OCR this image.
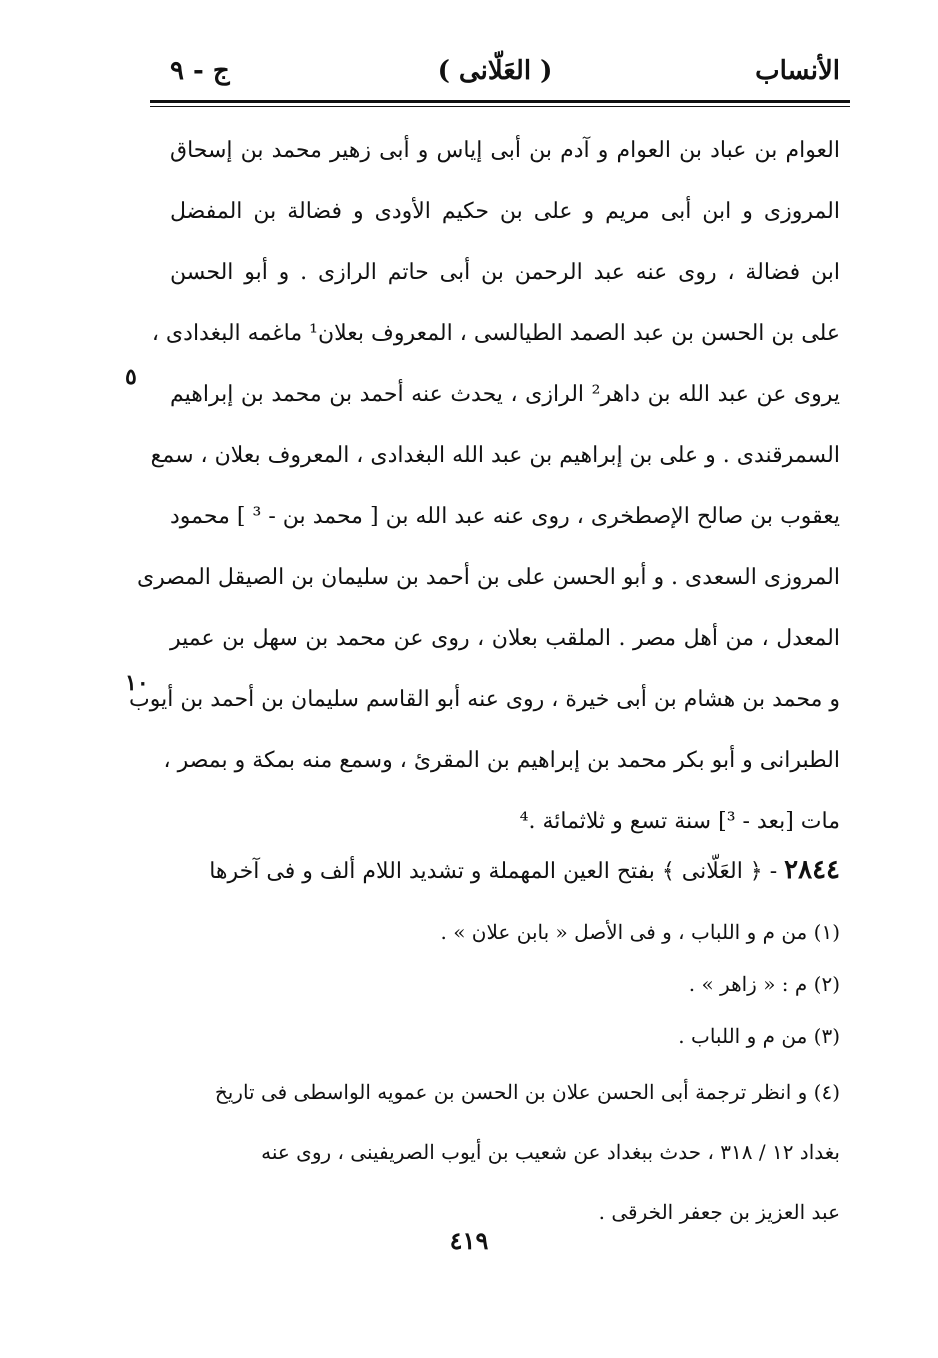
الأنساب
( العَلّانى )
ج - ٩
العوام بن عباد بن العوام و آدم بن أبى إياس و أبى زهير محمد بن إسحاق
المروزى و ابن أبى مريم و على بن حكيم الأودى و فضالة بن المفضل
ابن فضالة ، روى عنه عبد الرحمن بن أبى حاتم الرازى . و أبو الحسن
على بن الحسن بن عبد الصمد الطيالسى ، المعروف بعلان¹ ماغمه البغدادى ،
يروى عن عبد الله بن داهر² الرازى ، يحدث عنه أحمد بن محمد بن إبراهيم
السمرقندى . و على بن إبراهيم بن عبد الله البغدادى ، المعروف بعلان ، سمع
يعقوب بن صالح الإصطخرى ، روى عنه عبد الله بن [ محمد بن - ³ ] محمود
المروزى السعدى . و أبو الحسن على بن أحمد بن سليمان بن الصيقل المصرى
المعدل ، من أهل مصر . الملقب بعلان ، روى عن محمد بن سهل بن عمير
و محمد بن هشام بن أبى خيرة ، روى عنه أبو القاسم سليمان بن أحمد بن أيوب
الطبرانى و أبو بكر محمد بن إبراهيم بن المقرئ ، وسمع منه بمكة و بمصر ،
مات [بعد - ³] سنة تسع و ثلاثمائة .⁴
٥
١٠
٢٨٤٤ - ﴿ العَلّانى ﴾ بفتح العين المهملة و تشديد اللام ألف و فى آخرها
(١) من م و اللباب ، و فى الأصل « بابن علان » .
(٢) م : « زاهر » .
(٣) من م و اللباب .
(٤) و انظر ترجمة أبى الحسن علان بن الحسن بن عمويه الواسطى فى تاريخ
بغداد ١٢ / ٣١٨ ، حدث ببغداد عن شعيب بن أيوب الصريفينى ، روى عنه
عبد العزيز بن جعفر الخرقى .
٤١٩
